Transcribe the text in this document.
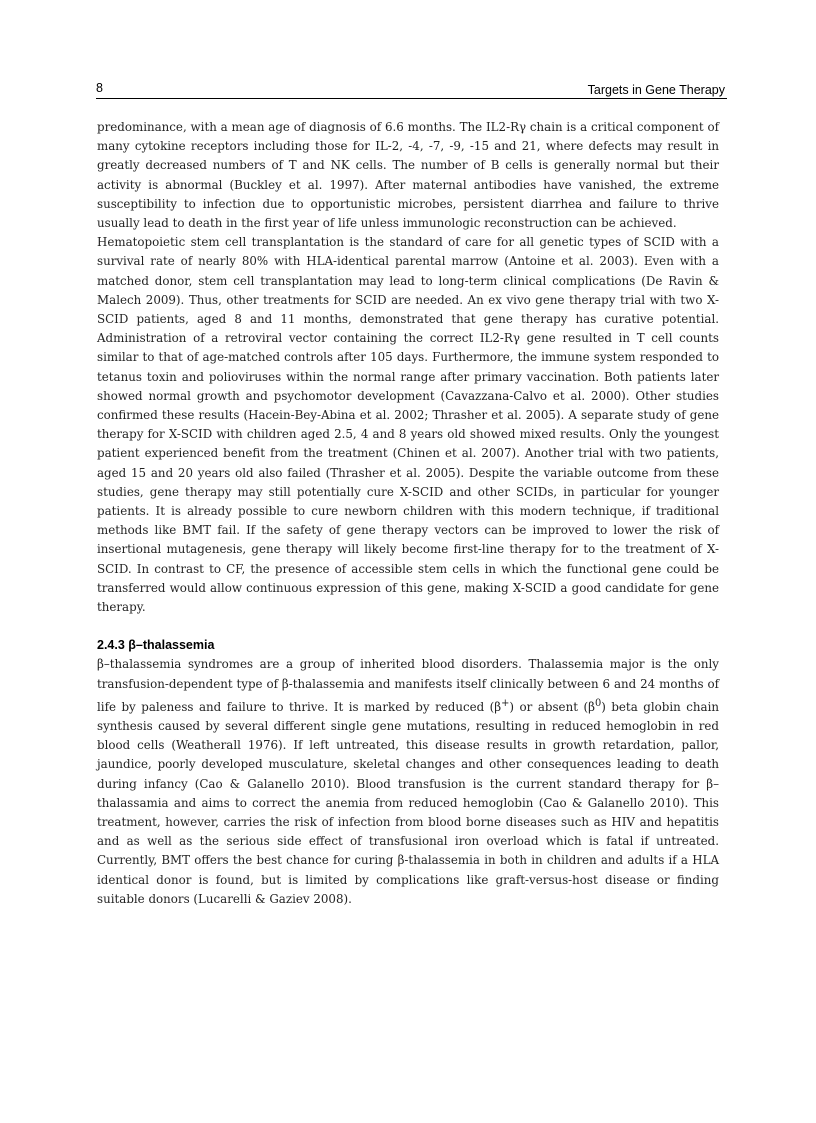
8	Targets in Gene Therapy

predominance, with a mean age of diagnosis of 6.6 months. The IL2-Rγ chain is a critical component of many cytokine receptors including those for IL-2, -4, -7, -9, -15 and 21, where defects may result in greatly decreased numbers of T and NK cells. The number of B cells is generally normal but their activity is abnormal (Buckley et al. 1997). After maternal antibodies have vanished, the extreme susceptibility to infection due to opportunistic microbes, persistent diarrhea and failure to thrive usually lead to death in the first year of life unless immunologic reconstruction can be achieved.

Hematopoietic stem cell transplantation is the standard of care for all genetic types of SCID with a survival rate of nearly 80% with HLA-identical parental marrow (Antoine et al. 2003). Even with a matched donor, stem cell transplantation may lead to long-term clinical complications (De Ravin & Malech 2009). Thus, other treatments for SCID are needed. An ex vivo gene therapy trial with two X-SCID patients, aged 8 and 11 months, demonstrated that gene therapy has curative potential. Administration of a retroviral vector containing the correct IL2-Rγ gene resulted in T cell counts similar to that of age-matched controls after 105 days. Furthermore, the immune system responded to tetanus toxin and polioviruses within the normal range after primary vaccination. Both patients later showed normal growth and psychomotor development (Cavazzana-Calvo et al. 2000). Other studies confirmed these results (Hacein-Bey-Abina et al. 2002; Thrasher et al. 2005). A separate study of gene therapy for X-SCID with children aged 2.5, 4 and 8 years old showed mixed results. Only the youngest patient experienced benefit from the treatment (Chinen et al. 2007). Another trial with two patients, aged 15 and 20 years old also failed (Thrasher et al. 2005). Despite the variable outcome from these studies, gene therapy may still potentially cure X-SCID and other SCIDs, in particular for younger patients. It is already possible to cure newborn children with this modern technique, if traditional methods like BMT fail. If the safety of gene therapy vectors can be improved to lower the risk of insertional mutagenesis, gene therapy will likely become first-line therapy for to the treatment of X-SCID. In contrast to CF, the presence of accessible stem cells in which the functional gene could be transferred would allow continuous expression of this gene, making X-SCID a good candidate for gene therapy.

2.4.3 β–thalassemia

β–thalassemia syndromes are a group of inherited blood disorders. Thalassemia major is the only transfusion-dependent type of β-thalassemia and manifests itself clinically between 6 and 24 months of life by paleness and failure to thrive. It is marked by reduced (β+) or absent $(\beta^0)$ beta globin chain synthesis caused by several different single gene mutations, resulting in reduced hemoglobin in red blood cells (Weatherall 1976). If left untreated, this disease results in growth retardation, pallor, jaundice, poorly developed musculature, skeletal changes and other consequences leading to death during infancy (Cao & Galanello 2010). Blood transfusion is the current standard therapy for β–thalassamia and aims to correct the anemia from reduced hemoglobin (Cao & Galanello 2010). This treatment, however, carries the risk of infection from blood borne diseases such as HIV and hepatitis and as well as the serious side effect of transfusional iron overload which is fatal if untreated. Currently, BMT offers the best chance for curing β-thalassemia in both in children and adults if a HLA identical donor is found, but is limited by complications like graft-versus-host disease or finding suitable donors (Lucarelli & Gaziev 2008).
